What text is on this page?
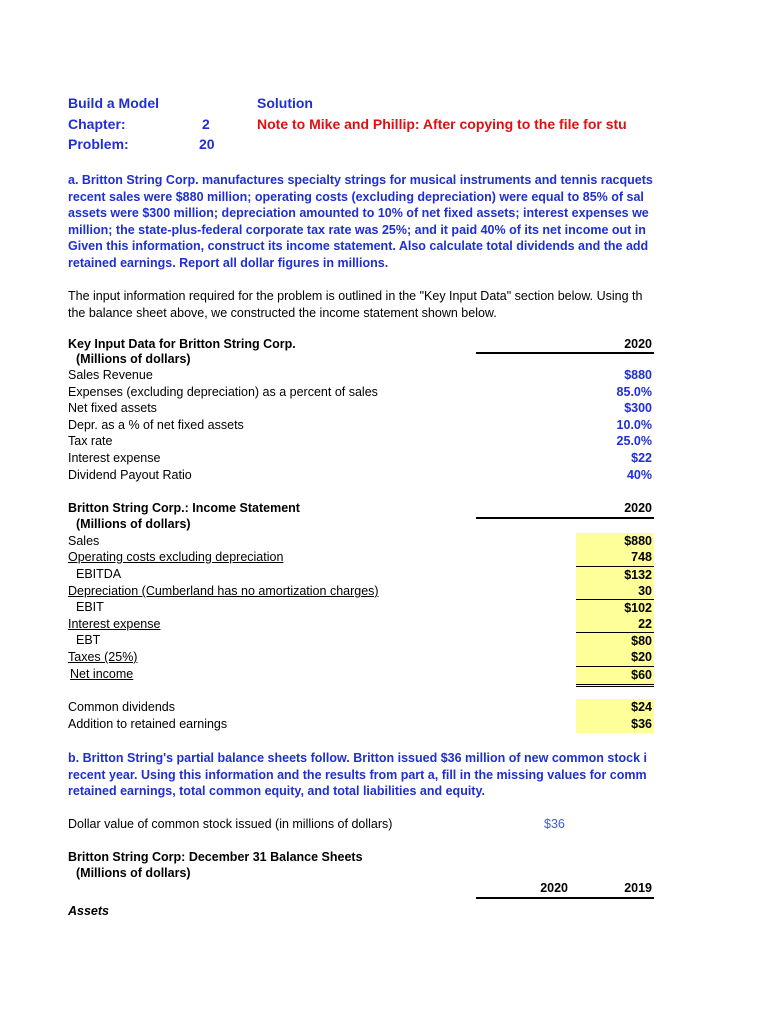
Build a Model
Chapter:	2
Problem:	20
Solution
Note to Mike and Phillip: After copying to the file for stu
a. Britton String Corp. manufactures specialty strings for musical instruments and tennis racquets
recent sales were $880 million; operating costs (excluding depreciation) were equal to 85% of sal
assets were $300 million; depreciation amounted to 10% of net fixed assets; interest expenses we
million; the state-plus-federal corporate tax rate was 25%; and it paid 40% of its net income out in
Given this information, construct its income statement. Also calculate total dividends and the add
retained earnings. Report all dollar figures in millions.
The input information required for the problem is outlined in the "Key Input Data" section below. Using th
the balance sheet above, we constructed the income statement shown below.
Key Input Data for Britton String Corp.	2020
(Millions of dollars)
Sales Revenue	$880
Expenses (excluding depreciation) as a percent of sales	85.0%
Net fixed assets	$300
Depr. as a % of net fixed assets	10.0%
Tax rate	25.0%
Interest expense	$22
Dividend Payout Ratio	40%
Britton String Corp.: Income Statement	2020
(Millions of dollars)
Sales	$880
Operating costs excluding depreciation	748
EBITDA	$132
Depreciation (Cumberland has no amortization charges)	30
EBIT	$102
Interest expense	22
EBT	$80
Taxes (25%)	$20
Net income	$60
Common dividends	$24
Addition to retained earnings	$36
b. Britton String's partial balance sheets follow. Britton issued $36 million of new common stock i
recent year. Using this information and the results from part a, fill in the missing values for comm
retained earnings, total common equity, and total liabilities and equity.
Dollar value of common stock issued (in millions of dollars)	$36
Britton String Corp: December 31 Balance Sheets
(Millions of dollars)
2020	2019
Assets
